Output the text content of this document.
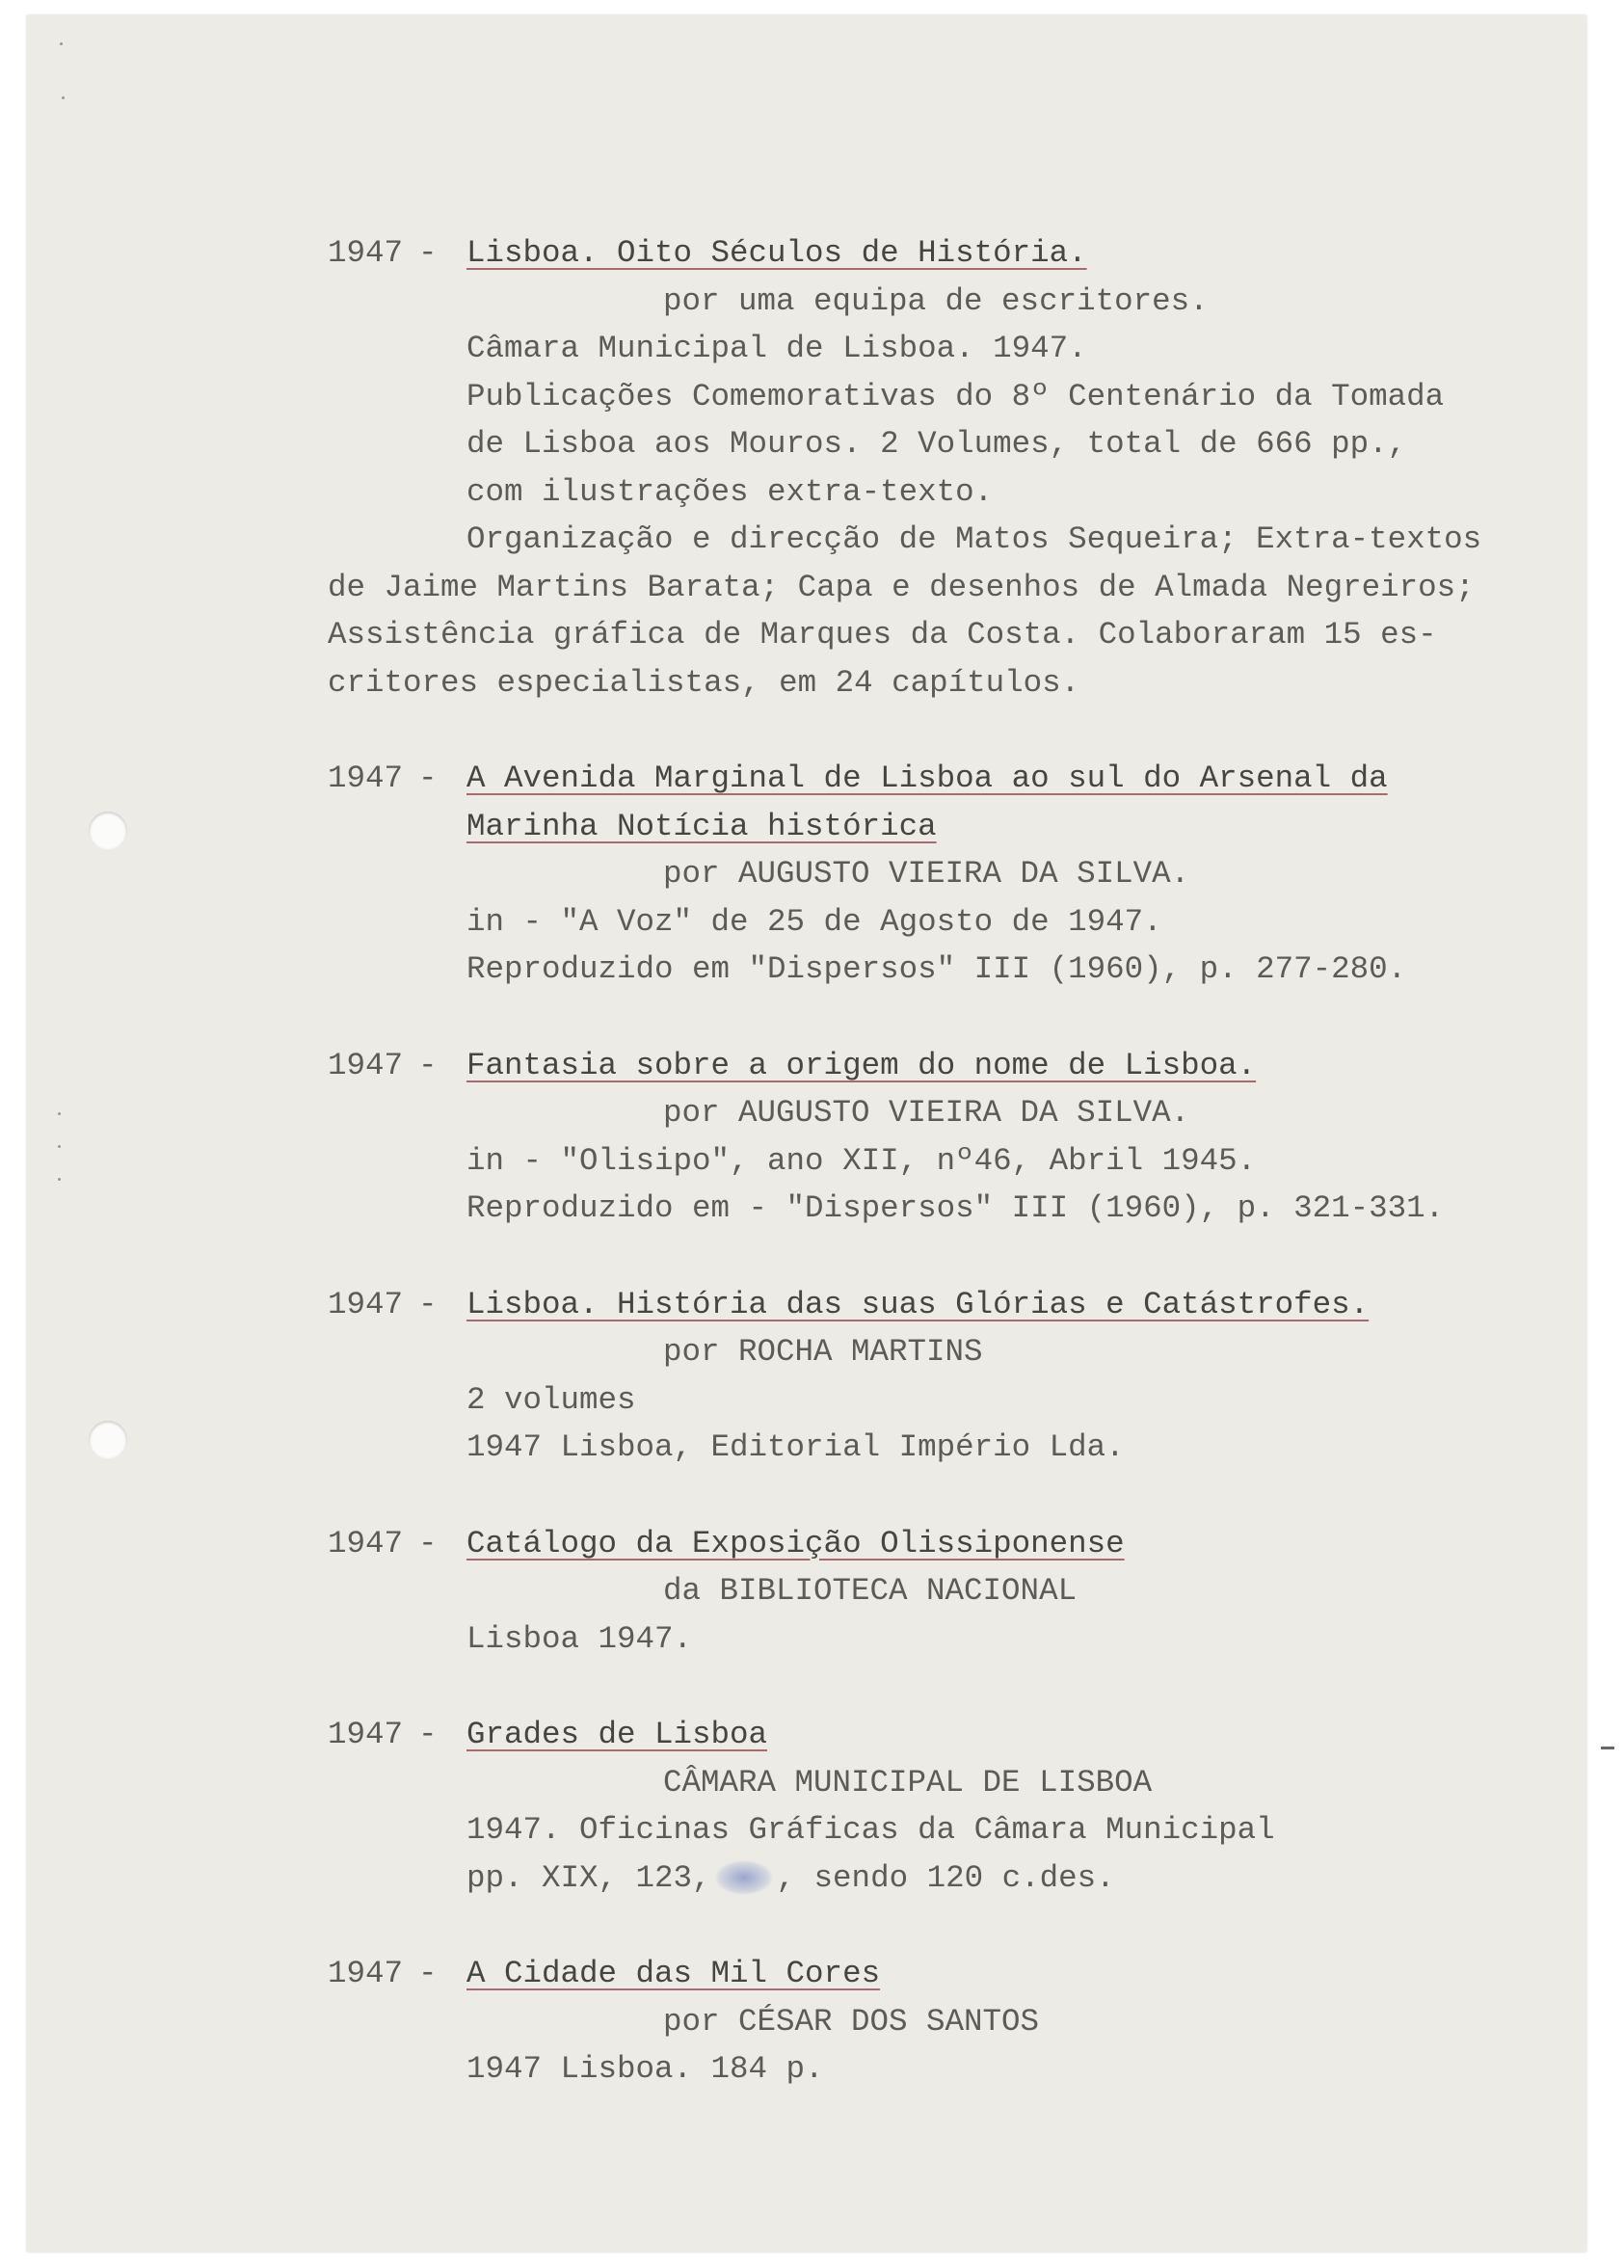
1947 - Lisboa. Oito Séculos de História.
por uma equipa de escritores.
Câmara Municipal de Lisboa. 1947.
Publicações Comemorativas do 8º Centenário da Tomada
de Lisboa aos Mouros. 2 Volumes, total de 666 pp.,
com ilustrações extra-texto.
Organização e direcção de Matos Sequeira; Extra-textos
de Jaime Martins Barata; Capa e desenhos de Almada Negreiros;
Assistência gráfica de Marques da Costa. Colaboraram 15 es-
critores especialistas, em 24 capítulos.
1947 - A Avenida Marginal de Lisboa ao sul do Arsenal da
Marinha Notícia histórica
por AUGUSTO VIEIRA DA SILVA.
in - "A Voz" de 25 de Agosto de 1947.
Reproduzido em "Dispersos" III (1960), p. 277-280.
1947 - Fantasia sobre a origem do nome de Lisboa.
por AUGUSTO VIEIRA DA SILVA.
in - "Olisipo", ano XII, nº46, Abril 1945.
Reproduzido em - "Dispersos" III (1960), p. 321-331.
1947 - Lisboa. História das suas Glórias e Catástrofes.
por ROCHA MARTINS
2 volumes
1947 Lisboa, Editorial Império Lda.
1947 - Catálogo da Exposição Olissiponense
da BIBLIOTECA NACIONAL
Lisboa 1947.
1947 - Grades de Lisboa
CÂMARA MUNICIPAL DE LISBOA
1947. Oficinas Gráficas da Câmara Municipal
pp. XIX, 123, , sendo 120 c.des.
1947 - A Cidade das Mil Cores
por CÉSAR DOS SANTOS
1947 Lisboa. 184 p.
